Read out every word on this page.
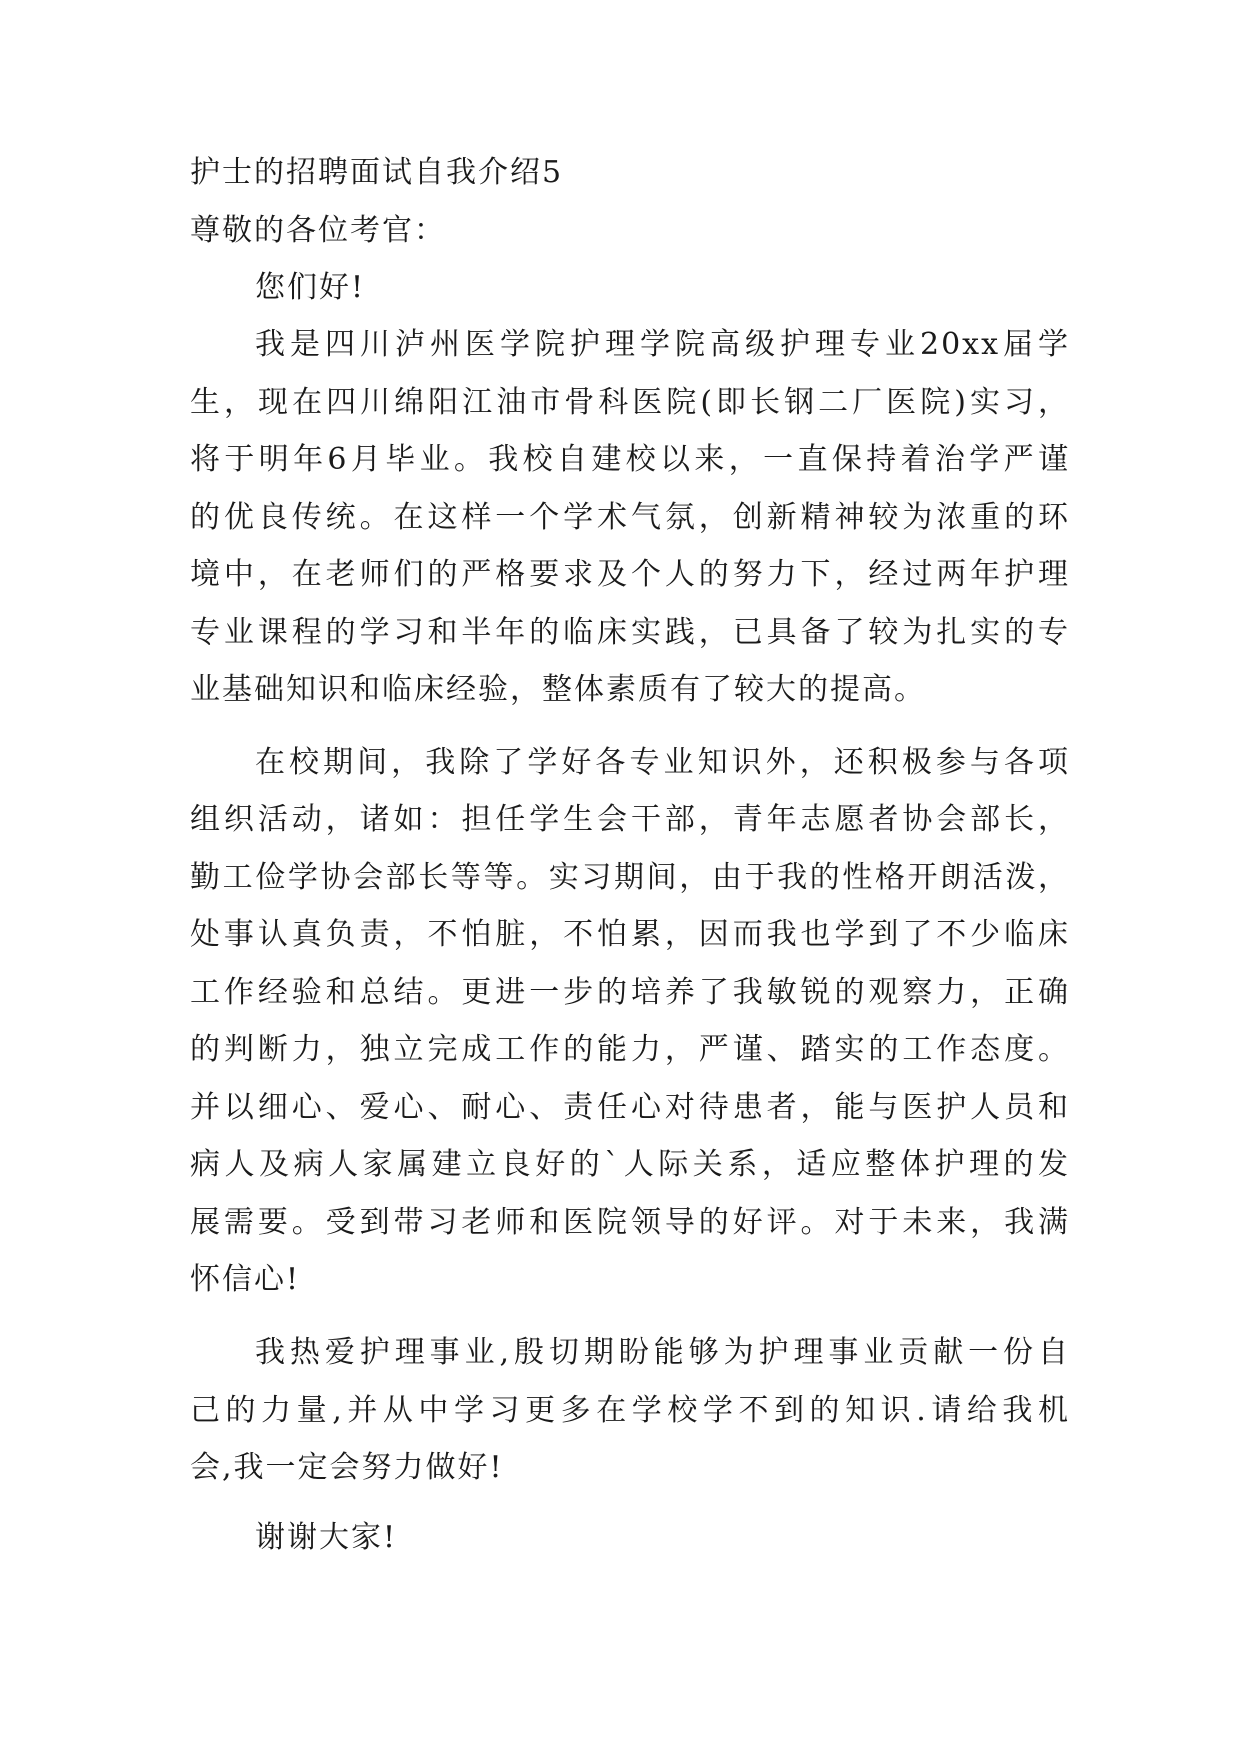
护士的招聘面试自我介绍5
尊敬的各位考官：
您们好!
我是四川泸州医学院护理学院高级护理专业20xx届学
生，现在四川绵阳江油市骨科医院(即长钢二厂医院)实习，
将于明年6月毕业。我校自建校以来，一直保持着治学严谨
的优良传统。在这样一个学术气氛，创新精神较为浓重的环
境中，在老师们的严格要求及个人的努力下，经过两年护理
专业课程的学习和半年的临床实践，已具备了较为扎实的专
业基础知识和临床经验，整体素质有了较大的提高。
在校期间，我除了学好各专业知识外，还积极参与各项
组织活动，诸如：担任学生会干部，青年志愿者协会部长，
勤工俭学协会部长等等。实习期间，由于我的性格开朗活泼，
处事认真负责，不怕脏，不怕累，因而我也学到了不少临床
工作经验和总结。更进一步的培养了我敏锐的观察力，正确
的判断力，独立完成工作的能力，严谨、踏实的工作态度。
并以细心、爱心、耐心、责任心对待患者，能与医护人员和
病人及病人家属建立良好的`人际关系，适应整体护理的发
展需要。受到带习老师和医院领导的好评。对于未来，我满
怀信心!
我热爱护理事业,殷切期盼能够为护理事业贡献一份自
己的力量,并从中学习更多在学校学不到的知识.请给我机
会,我一定会努力做好!
谢谢大家!
